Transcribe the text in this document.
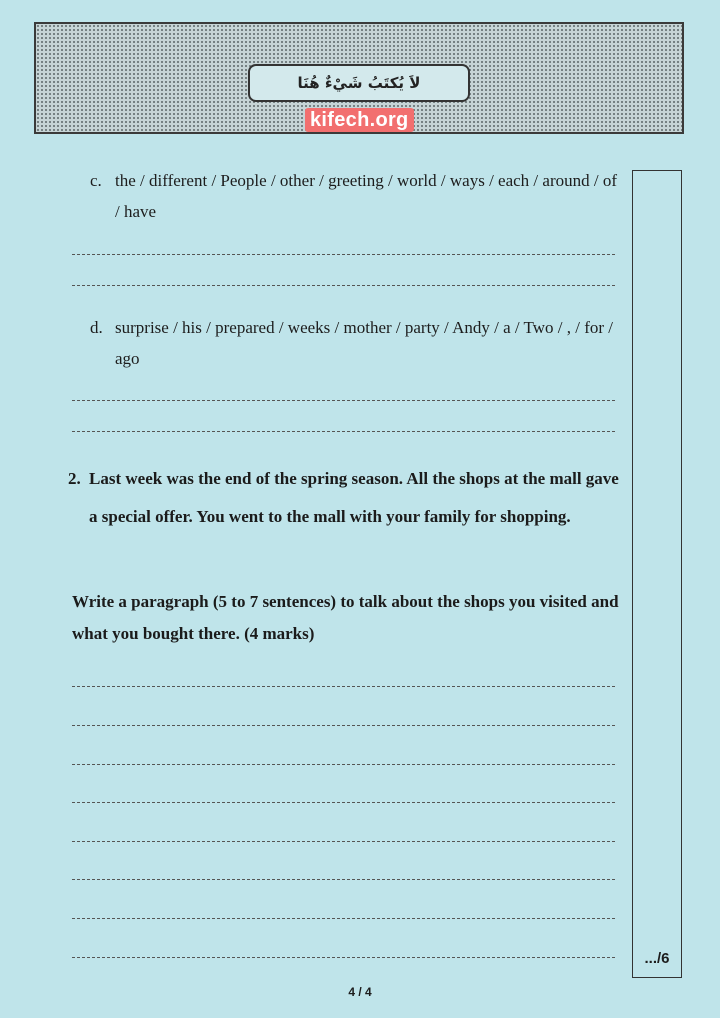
لاَ يُكتَبُ شَيْءٌ هُنَا
kifech.org
.../6
c. the / different / People / other / greeting / world / ways / each / around / of / have
d. surprise / his / prepared / weeks / mother / party / Andy / a / Two / , / for / ago
2. Last week was the end of the spring season. All the shops at the mall gave a special offer. You went to the mall with your family for shopping.
Write a paragraph (5 to 7 sentences) to talk about the shops you visited and what you bought there. (4 marks)
4 / 4
